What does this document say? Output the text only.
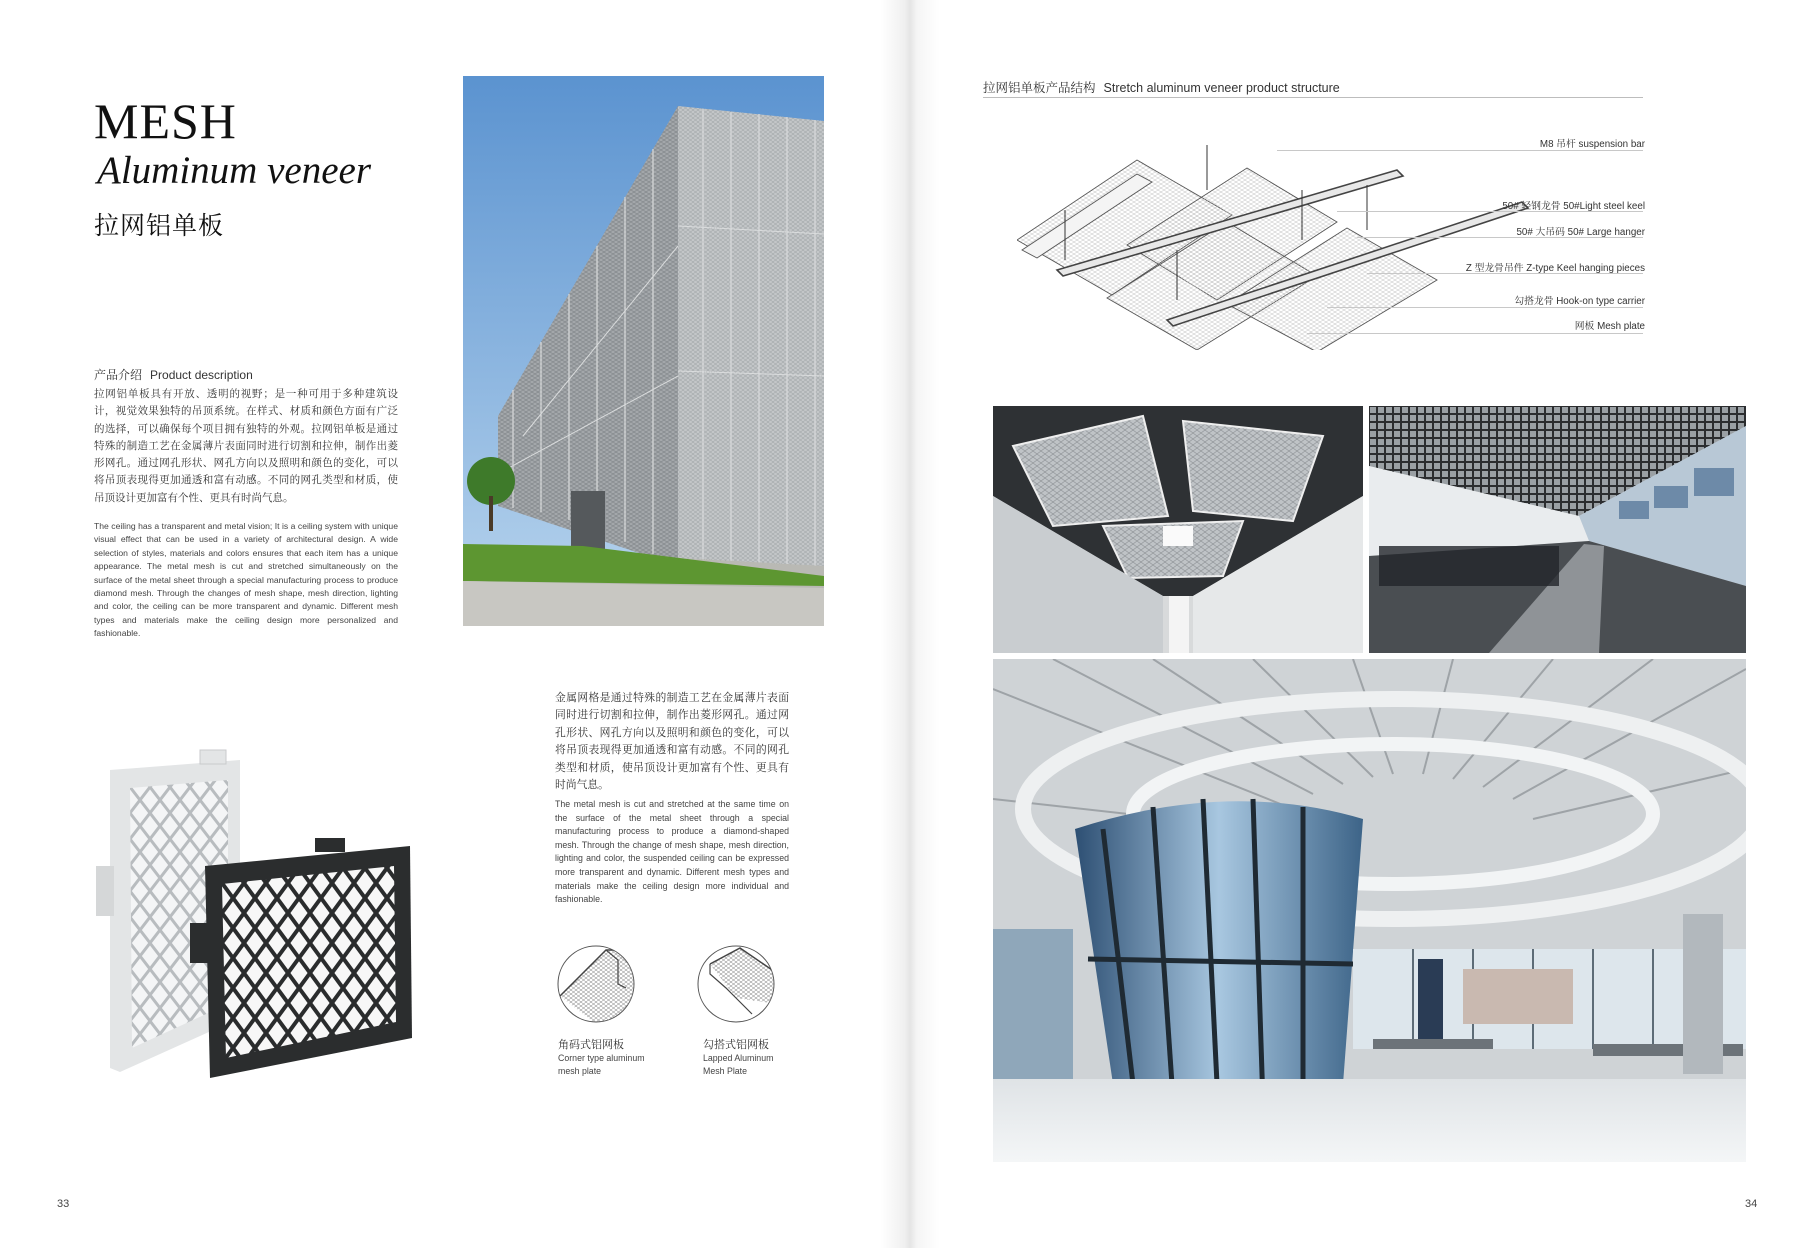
MESH
Aluminum veneer
拉网铝单板
产品介绍 Product description
拉网铝单板具有开放、透明的视野；是一种可用于多种建筑设计，视觉效果独特的吊顶系统。在样式、材质和颜色方面有广泛的选择，可以确保每个项目拥有独特的外观。拉网铝单板是通过特殊的制造工艺在金属薄片表面同时进行切割和拉伸，制作出菱形网孔。通过网孔形状、网孔方向以及照明和颜色的变化，可以将吊顶表现得更加通透和富有动感。不同的网孔类型和材质，使吊顶设计更加富有个性、更具有时尚气息。
The ceiling has a transparent and metal vision; It is a ceiling system with unique visual effect that can be used in a variety of architectural design. A wide selection of styles, materials and colors ensures that each item has a unique appearance. The metal mesh is cut and stretched simultaneously on the surface of the metal sheet through a special manufacturing process to produce diamond mesh. Through the changes of mesh shape, mesh direction, lighting and color, the ceiling can be more transparent and dynamic. Different mesh types and materials make the ceiling design more personalized and fashionable.
金属网格是通过特殊的制造工艺在金属薄片表面同时进行切割和拉伸，制作出菱形网孔。通过网孔形状、网孔方向以及照明和颜色的变化，可以将吊顶表现得更加通透和富有动感。不同的网孔类型和材质，使吊顶设计更加富有个性、更具有时尚气息。
The metal mesh is cut and stretched at the same time on the surface of the metal sheet through a special manufacturing process to produce a diamond-shaped mesh. Through the change of mesh shape, mesh direction, lighting and color, the suspended ceiling can be expressed more transparent and dynamic. Different mesh types and materials make the ceiling design more individual and fashionable.
角码式铝网板
Corner type aluminum mesh plate
勾搭式铝网板
Lapped Aluminum Mesh Plate
33
拉网铝单板产品结构 Stretch aluminum veneer product structure
M8 吊杆 suspension bar
50# 轻钢龙骨 50#Light steel keel
50# 大吊码 50# Large hanger
Z 型龙骨吊件 Z-type Keel hanging pieces
勾搭龙骨 Hook-on type carrier
网板 Mesh plate
34
